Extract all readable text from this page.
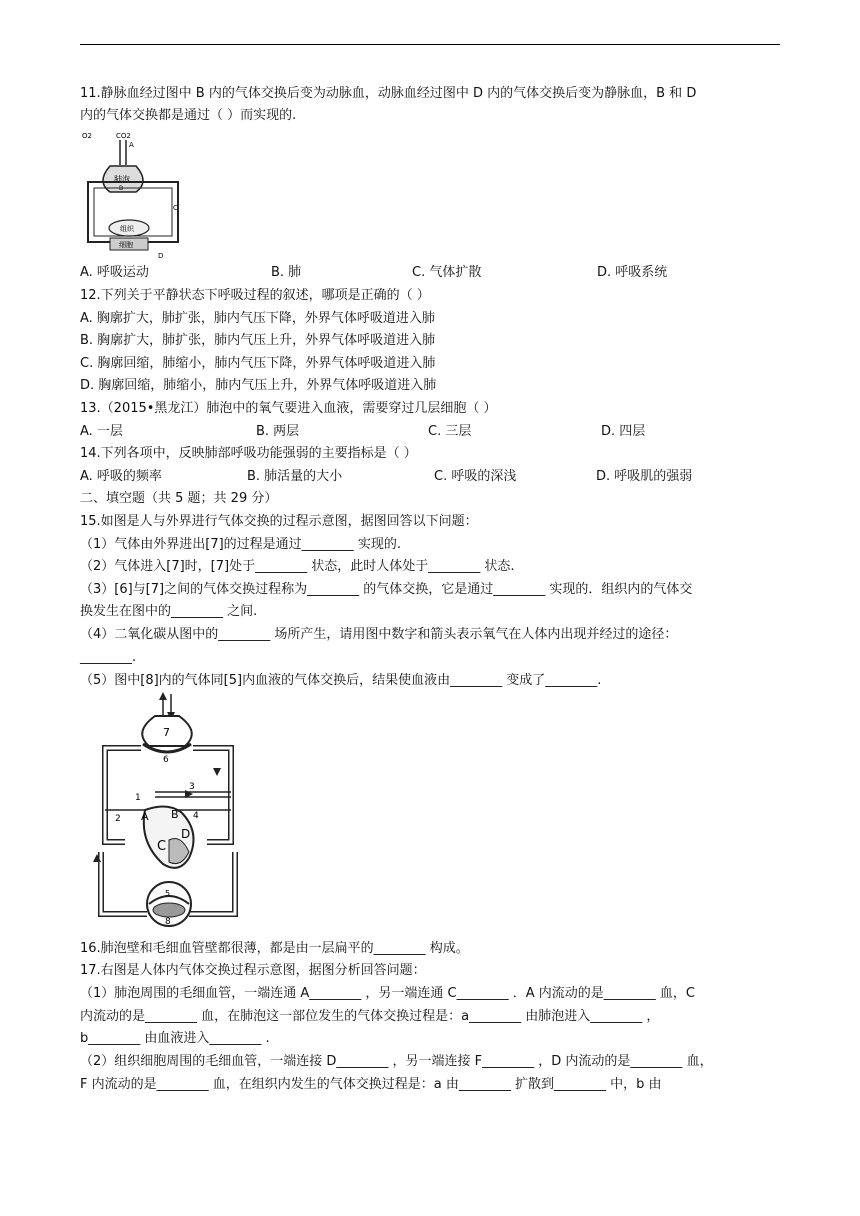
11.静脉血经过图中 B 内的气体交换后变为动脉血，动脉血经过图中 D 内的气体交换后变为静脉血，B 和 D
内的气体交换都是通过（ ）而实现的.
O2	CO2
A
肺泡
B
C
组织
细胞
D
A. 呼吸运动	B. 肺	C. 气体扩散	D. 呼吸系统
12.下列关于平静状态下呼吸过程的叙述，哪项是正确的（ ）
A. 胸廓扩大，肺扩张，肺内气压下降，外界气体呼吸道进入肺
B. 胸廓扩大，肺扩张，肺内气压上升，外界气体呼吸道进入肺
C. 胸廓回缩，肺缩小，肺内气压下降，外界气体呼吸道进入肺
D. 胸廓回缩，肺缩小，肺内气压上升，外界气体呼吸道进入肺
13.（2015•黑龙江）肺泡中的氧气要进入血液，需要穿过几层细胞（ ）
A. 一层	B. 两层	C. 三层	D. 四层
14.下列各项中，反映肺部呼吸功能强弱的主要指标是（ ）
A. 呼吸的频率	B. 肺活量的大小	C. 呼吸的深浅	D. 呼吸肌的强弱
二、填空题（共 5 题；共 29 分）
15.如图是人与外界进行气体交换的过程示意图，据图回答以下问题：
（1）气体由外界进出[7]的过程是通过________ 实现的.
（2）气体进入[7]时，[7]处于________ 状态，此时人体处于________ 状态.
（3）[6]与[7]之间的气体交换过程称为________ 的气体交换，它是通过________ 实现的．组织内的气体交
换发生在图中的________ 之间.
（4）二氧化碳从图中的________ 场所产生，请用图中数字和箭头表示氧气在人体内出现并经过的途径：
________.
（5）图中[8]内的气体同[5]内血液的气体交换后，结果使血液由________ 变成了________.
7
6
3
4
2
1
A B
C
D
5
8
16.肺泡壁和毛细血管壁都很薄，都是由一层扁平的________ 构成。
17.右图是人体内气体交换过程示意图，据图分析回答问题：
（1）肺泡周围的毛细血管，一端连通 A________ ，另一端连通 C________ ．A 内流动的是________ 血，C
内流动的是________ 血，在肺泡这一部位发生的气体交换过程是：a________ 由肺泡进入________ ，
b________ 由血液进入________ .
（2）组织细胞周围的毛细血管，一端连接 D________ ，另一端连接 F________ ，D 内流动的是________ 血，
F 内流动的是________ 血，在组织内发生的气体交换过程是：a 由________ 扩散到________ 中，b 由
